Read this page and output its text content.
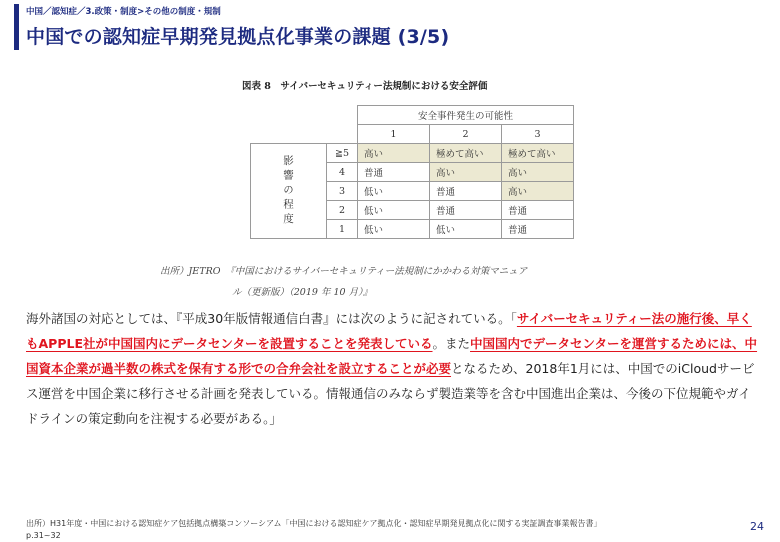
中国／認知症／3.政策・制度>その他の制度・規制
中国での認知症早期発見拠点化事業の課題 (3/5)
図表 8　サイバーセキュリティー法規制における安全評価
		安全事件発生の可能性		
		1	2	3
影響の程度	≧5	高い	極めて高い	極めて高い
	4	普通	高い	高い
	3	低い	普通	高い
	2	低い	普通	普通
	1	低い	低い	普通
出所）JETRO　『中国におけるサイバーセキュリティー法規制にかかわる対策マニュア
ル（更新版）（2019 年 10 月）』
海外諸国の対応としては、『平成30年版情報通信白書』には次のように記されている。「サイバーセキュリティー法の施行後、早くもAPPLE社が中国国内にデータセンターを設置することを発表している。また中国国内でデータセンターを運営するためには、中国資本企業が過半数の株式を保有する形での合弁会社を設立することが必要となるため、2018年1月には、中国でのiCloudサービス運営を中国企業に移行させる計画を発表している。情報通信のみならず製造業等を含む中国進出企業は、今後の下位規範やガイドラインの策定動向を注視する必要がある。」
出所）H31年度・中国における認知症ケア包括拠点構築コンソーシアム「中国における認知症ケア拠点化・認知症早期発見拠点化に関する実証調査事業報告書」
p.31~32
24
